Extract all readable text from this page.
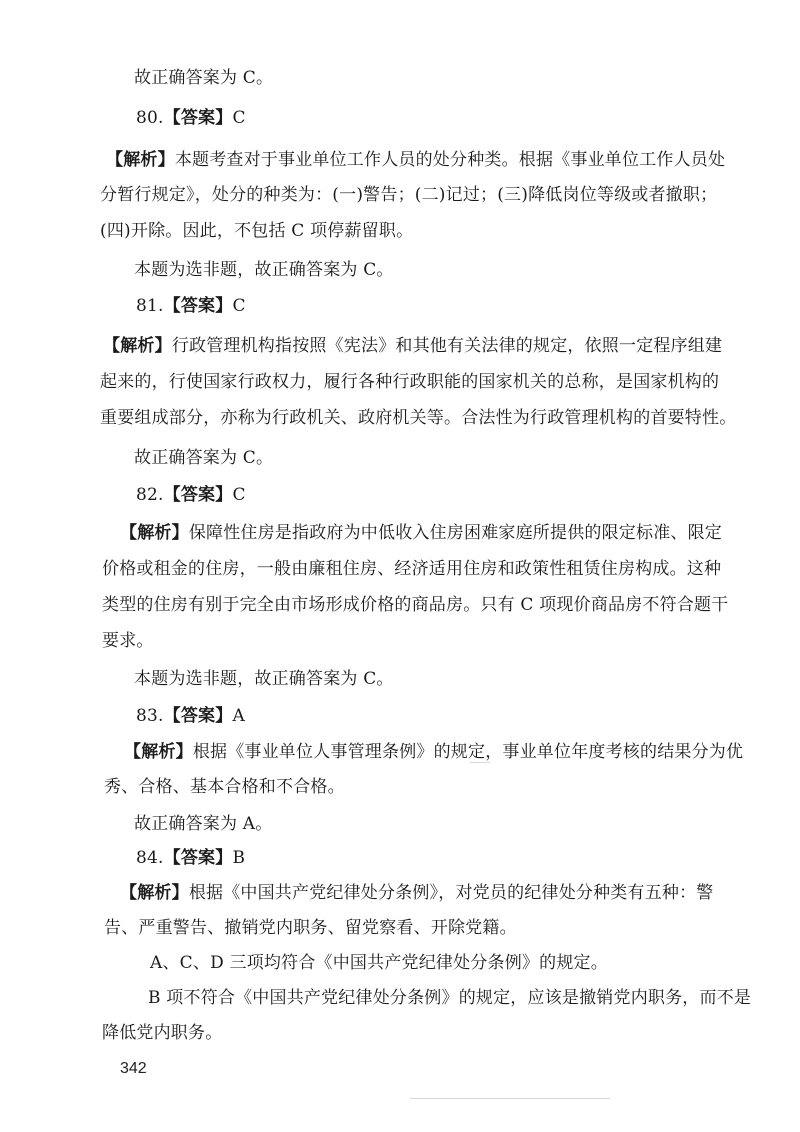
故正确答案为 C。
80.【答案】C
【解析】本题考查对于事业单位工作人员的处分种类。根据《事业单位工作人员处
分暂行规定》，处分的种类为：(一)警告；(二)记过；(三)降低岗位等级或者撤职；
(四)开除。因此，不包括 C 项停薪留职。
本题为选非题，故正确答案为 C。
81.【答案】C
【解析】行政管理机构指按照《宪法》和其他有关法律的规定，依照一定程序组建
起来的，行使国家行政权力，履行各种行政职能的国家机关的总称，是国家机构的
重要组成部分，亦称为行政机关、政府机关等。合法性为行政管理机构的首要特性。
故正确答案为 C。
82.【答案】C
【解析】保障性住房是指政府为中低收入住房困难家庭所提供的限定标准、限定
价格或租金的住房，一般由廉租住房、经济适用住房和政策性租赁住房构成。这种
类型的住房有别于完全由市场形成价格的商品房。只有 C 项现价商品房不符合题干
要求。
本题为选非题，故正确答案为 C。
83.【答案】A
【解析】根据《事业单位人事管理条例》的规定，事业单位年度考核的结果分为优
秀、合格、基本合格和不合格。
故正确答案为 A。
84.【答案】B
【解析】根据《中国共产党纪律处分条例》，对党员的纪律处分种类有五种：警
告、严重警告、撤销党内职务、留党察看、开除党籍。
A、C、D 三项均符合《中国共产党纪律处分条例》的规定。
B 项不符合《中国共产党纪律处分条例》的规定，应该是撤销党内职务，而不是
降低党内职务。
342
